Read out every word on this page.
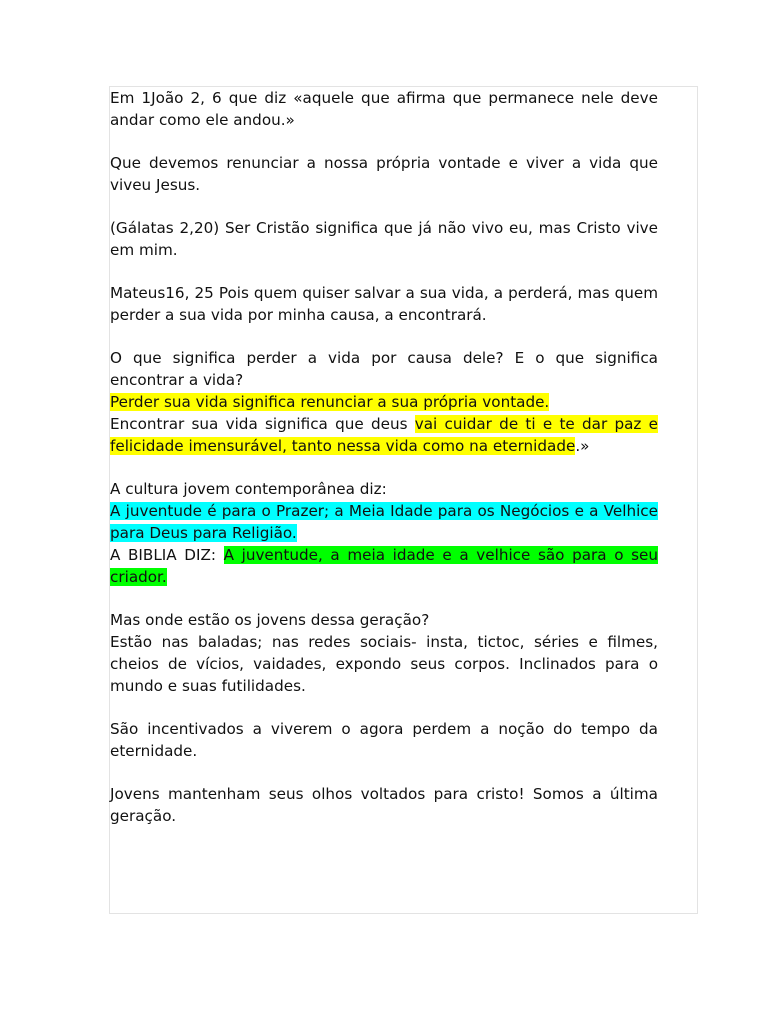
Em 1João 2, 6 que diz «aquele que afirma que permanece nele deve andar como ele andou.»

Que devemos renunciar a nossa própria vontade e viver a vida que viveu Jesus.

(Gálatas 2,20) Ser Cristão significa que já não vivo eu, mas Cristo vive em mim.

Mateus16, 25 Pois quem quiser salvar a sua vida, a perderá, mas quem perder a sua vida por minha causa, a encontrará.

O que significa perder a vida por causa dele? E o que significa encontrar a vida?
Perder sua vida significa renunciar a sua própria vontade.
Encontrar sua vida significa que deus vai cuidar de ti e te dar paz e felicidade imensurável, tanto nessa vida como na eternidade.»

A cultura jovem contemporânea diz:
A juventude é para o Prazer; a Meia Idade para os Negócios e a Velhice para Deus para Religião.
A BIBLIA DIZ: A juventude, a meia idade e a velhice são para o seu criador.

Mas onde estão os jovens dessa geração?
Estão nas baladas; nas redes sociais- insta, tictoc, séries e filmes, cheios de vícios, vaidades, expondo seus corpos. Inclinados para o mundo e suas futilidades.

São incentivados a viverem o agora perdem a noção do tempo da eternidade.

Jovens mantenham seus olhos voltados para cristo! Somos a última geração.
